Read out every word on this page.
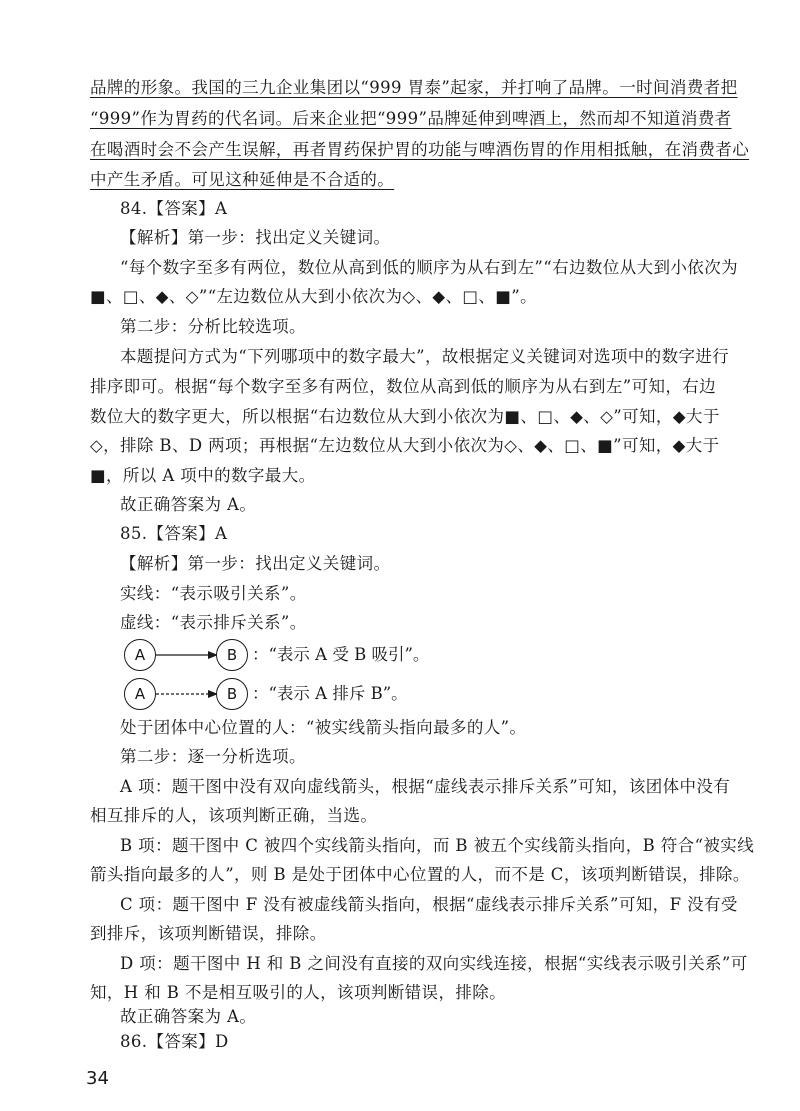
品牌的形象。我国的三九企业集团以“999 胃泰”起家，并打响了品牌。一时间消费者把
“999”作为胃药的代名词。后来企业把“999”品牌延伸到啤酒上，然而却不知道消费者
在喝酒时会不会产生误解，再者胃药保护胃的功能与啤酒伤胃的作用相抵触，在消费者心
中产生矛盾。可见这种延伸是不合适的。
84.【答案】A
【解析】第一步：找出定义关键词。
“每个数字至多有两位，数位从高到低的顺序为从右到左”“右边数位从大到小依次为
■、□、◆、◇”“左边数位从大到小依次为◇、◆、□、■”。
第二步：分析比较选项。
本题提问方式为“下列哪项中的数字最大”，故根据定义关键词对选项中的数字进行
排序即可。根据“每个数字至多有两位，数位从高到低的顺序为从右到左”可知，右边
数位大的数字更大，所以根据“右边数位从大到小依次为■、□、◆、◇”可知，◆大于
◇，排除 B、D 两项；再根据“左边数位从大到小依次为◇、◆、□、■”可知，◆大于
■，所以 A 项中的数字最大。
故正确答案为 A。
85.【答案】A
【解析】第一步：找出定义关键词。
实线：“表示吸引关系”。
虚线：“表示排斥关系”。
A	B ：“表示 A 受 B 吸引”。
A	B ：“表示 A 排斥 B”。
处于团体中心位置的人：“被实线箭头指向最多的人”。
第二步：逐一分析选项。
A 项：题干图中没有双向虚线箭头，根据“虚线表示排斥关系”可知，该团体中没有
相互排斥的人，该项判断正确，当选。
B 项：题干图中 C 被四个实线箭头指向，而 B 被五个实线箭头指向，B 符合“被实线
箭头指向最多的人”，则 B 是处于团体中心位置的人，而不是 C，该项判断错误，排除。
C 项：题干图中 F 没有被虚线箭头指向，根据“虚线表示排斥关系”可知，F 没有受
到排斥，该项判断错误，排除。
D 项：题干图中 H 和 B 之间没有直接的双向实线连接，根据“实线表示吸引关系”可
知，H 和 B 不是相互吸引的人，该项判断错误，排除。
故正确答案为 A。
86.【答案】D
34
